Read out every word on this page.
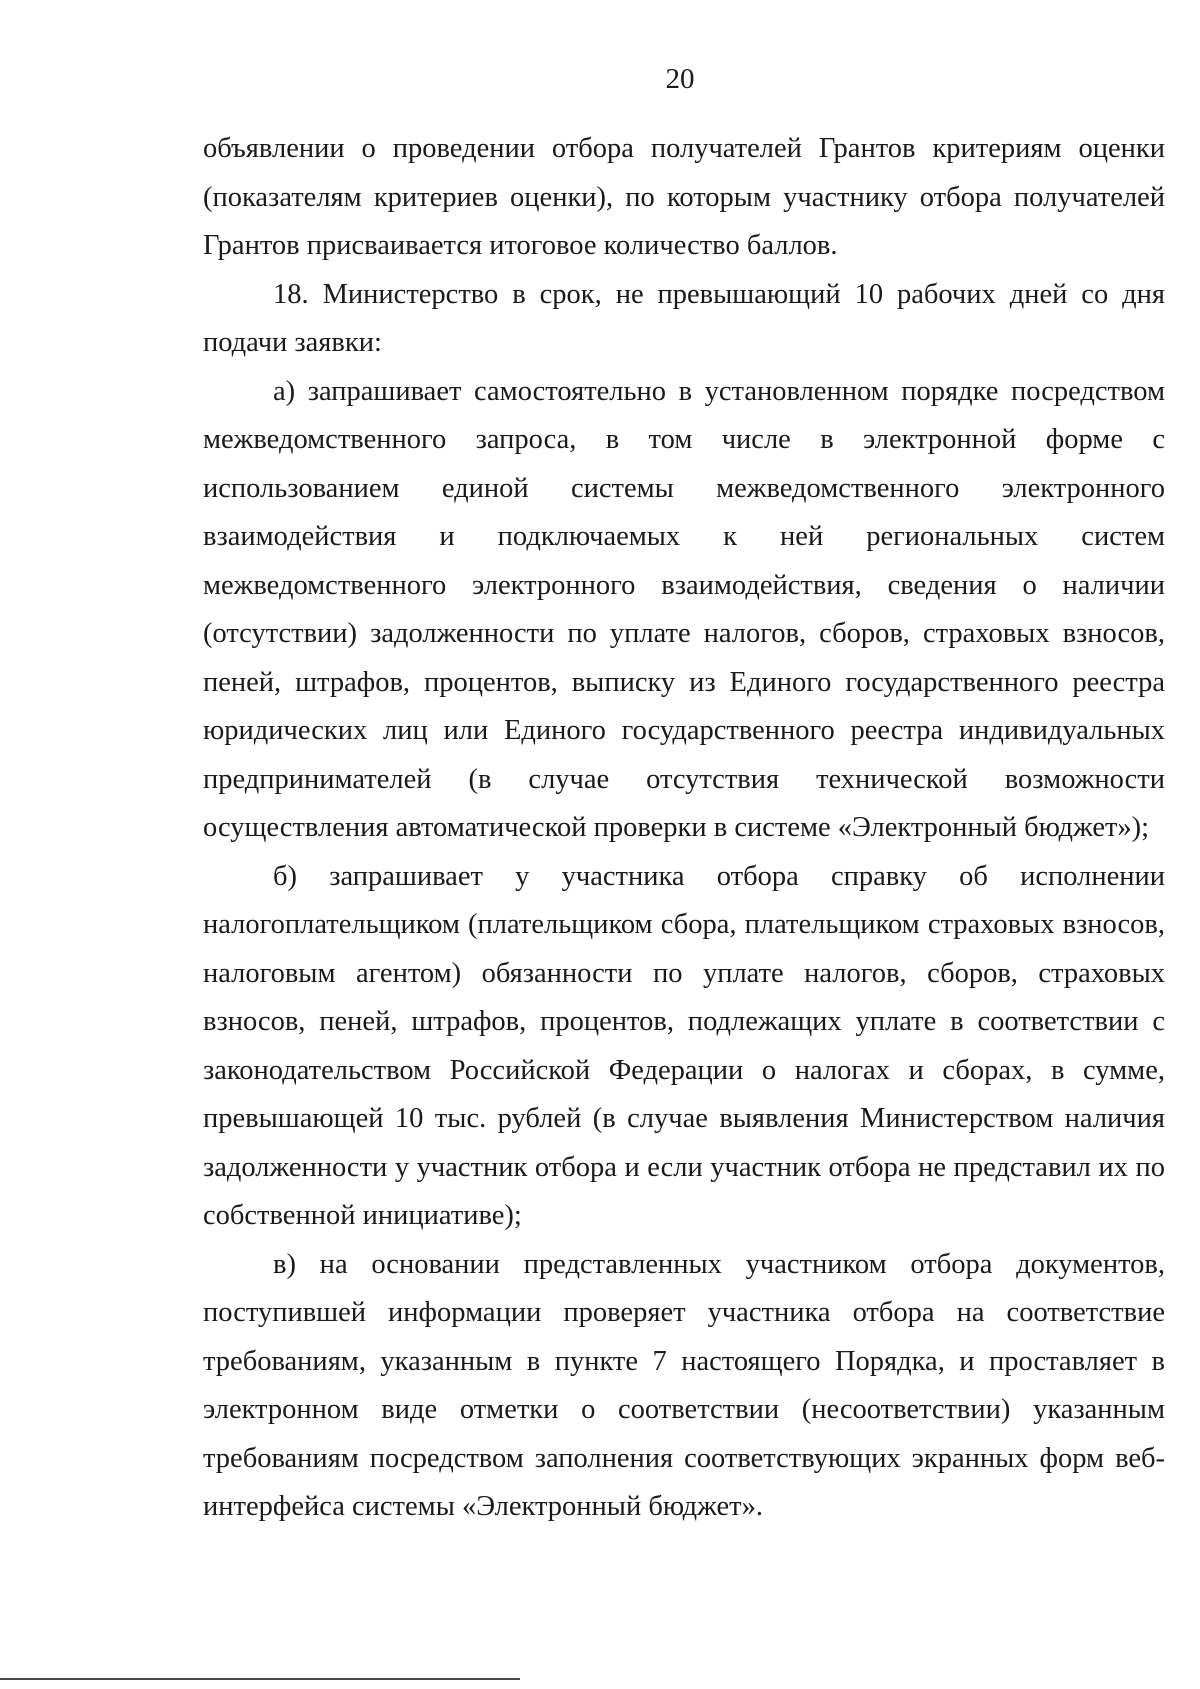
20

объявлении о проведении отбора получателей Грантов критериям оценки (показателям критериев оценки), по которым участнику отбора получателей Грантов присваивается итоговое количество баллов.

18. Министерство в срок, не превышающий 10 рабочих дней со дня подачи заявки:

а) запрашивает самостоятельно в установленном порядке посредством межведомственного запроса, в том числе в электронной форме с использованием единой системы межведомственного электронного взаимодействия и подключаемых к ней региональных систем межведомственного электронного взаимодействия, сведения о наличии (отсутствии) задолженности по уплате налогов, сборов, страховых взносов, пеней, штрафов, процентов, выписку из Единого государственного реестра юридических лиц или Единого государственного реестра индивидуальных предпринимателей (в случае отсутствия технической возможности осуществления автоматической проверки в системе «Электронный бюджет»);

б) запрашивает у участника отбора справку об исполнении налогоплательщиком (плательщиком сбора, плательщиком страховых взносов, налоговым агентом) обязанности по уплате налогов, сборов, страховых взносов, пеней, штрафов, процентов, подлежащих уплате в соответствии с законодательством Российской Федерации о налогах и сборах, в сумме, превышающей 10 тыс. рублей (в случае выявления Министерством наличия задолженности у участник отбора и если участник отбора не представил их по собственной инициативе);

в) на основании представленных участником отбора документов, поступившей информации проверяет участника отбора на соответствие требованиям, указанным в пункте 7 настоящего Порядка, и проставляет в электронном виде отметки о соответствии (несоответствии) указанным требованиям посредством заполнения соответствующих экранных форм веб-интерфейса системы «Электронный бюджет».
